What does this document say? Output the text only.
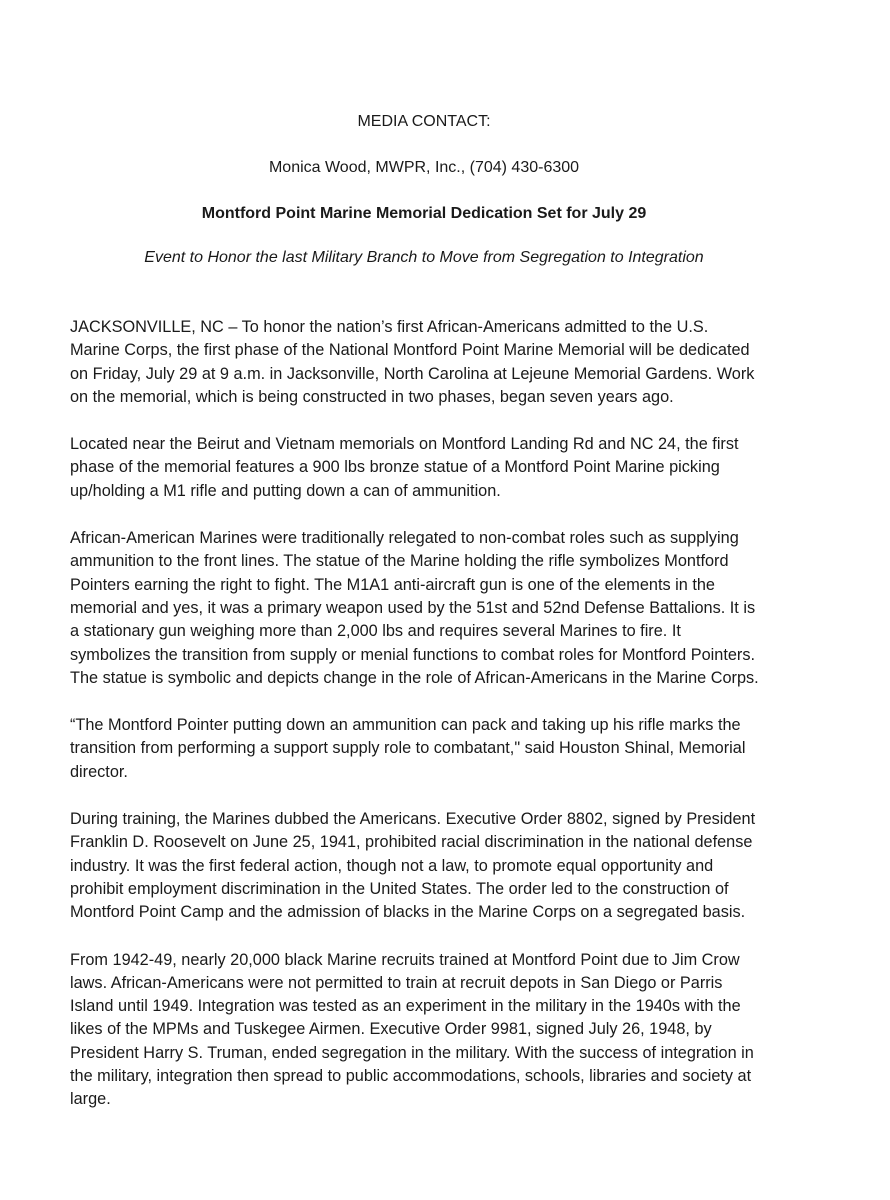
MEDIA CONTACT:

Monica Wood, MWPR, Inc., (704) 430-6300

Montford Point Marine Memorial Dedication Set for July 29

Event to Honor the last Military Branch to Move from Segregation to Integration

JACKSONVILLE, NC – To honor the nation’s first African-Americans admitted to the U.S.
Marine Corps, the first phase of the National Montford Point Marine Memorial will be dedicated
on Friday, July 29 at 9 a.m. in Jacksonville, North Carolina at Lejeune Memorial Gardens. Work
on the memorial, which is being constructed in two phases, began seven years ago.

Located near the Beirut and Vietnam memorials on Montford Landing Rd and NC 24, the first
phase of the memorial features a 900 lbs bronze statue of a Montford Point Marine picking
up/holding a M1 rifle and putting down a can of ammunition.

African-American Marines were traditionally relegated to non-combat roles such as supplying
ammunition to the front lines. The statue of the Marine holding the rifle symbolizes Montford
Pointers earning the right to fight. The M1A1 anti-aircraft gun is one of the elements in the
memorial and yes, it was a primary weapon used by the 51st and 52nd Defense Battalions. It is
a stationary gun weighing more than 2,000 lbs and requires several Marines to fire. It
symbolizes the transition from supply or menial functions to combat roles for Montford Pointers.
The statue is symbolic and depicts change in the role of African-Americans in the Marine Corps.

“The Montford Pointer putting down an ammunition can pack and taking up his rifle marks the
transition from performing a support supply role to combatant," said Houston Shinal, Memorial
director.

During training, the Marines dubbed the Americans. Executive Order 8802, signed by President
Franklin D. Roosevelt on June 25, 1941, prohibited racial discrimination in the national defense
industry. It was the first federal action, though not a law, to promote equal opportunity and
prohibit employment discrimination in the United States. The order led to the construction of
Montford Point Camp and the admission of blacks in the Marine Corps on a segregated basis.

From 1942-49, nearly 20,000 black Marine recruits trained at Montford Point due to Jim Crow
laws. African-Americans were not permitted to train at recruit depots in San Diego or Parris
Island until 1949. Integration was tested as an experiment in the military in the 1940s with the
likes of the MPMs and Tuskegee Airmen. Executive Order 9981, signed July 26, 1948, by
President Harry S. Truman, ended segregation in the military. With the success of integration in
the military, integration then spread to public accommodations, schools, libraries and society at
large.
